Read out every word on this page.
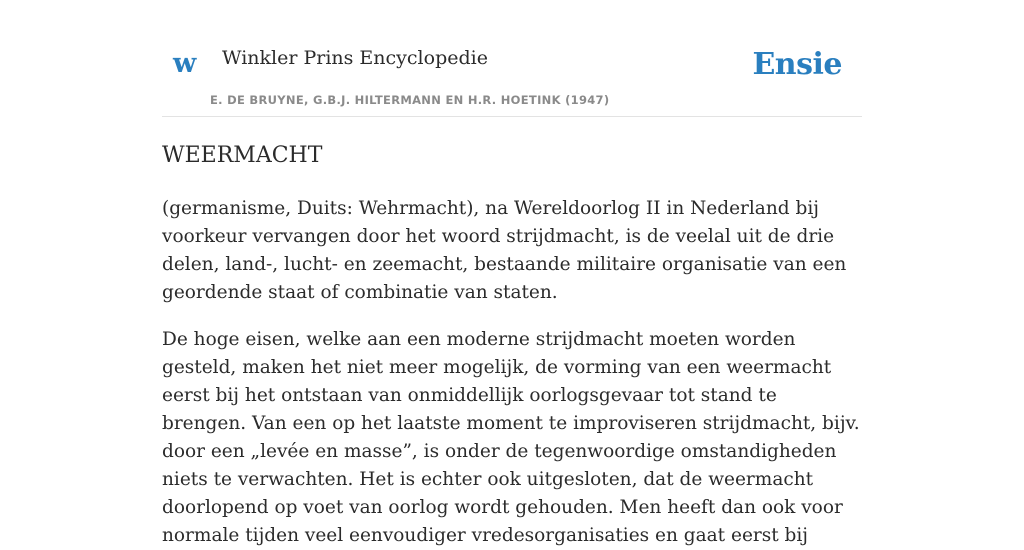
w Winkler Prins Encyclopedie
E. DE BRUYNE, G.B.J. HILTERMANN EN H.R. HOETINK (1947)
Ensie
WEERMACHT

(germanisme, Duits: Wehrmacht), na Wereldoorlog II in Nederland bij voorkeur vervangen door het woord strijdmacht, is de veelal uit de drie delen, land-, lucht- en zeemacht, bestaande militaire organisatie van een geordende staat of combinatie van staten.

De hoge eisen, welke aan een moderne strijdmacht moeten worden gesteld, maken het niet meer mogelijk, de vorming van een weermacht eerst bij het ontstaan van onmiddellijk oorlogsgevaar tot stand te brengen. Van een op het laatste moment te improviseren strijdmacht, bijv. door een „levée en masse”, is onder de tegenwoordige omstandigheden niets te verwachten. Het is echter ook uitgesloten, dat de weermacht doorlopend op voet van oorlog wordt gehouden. Men heeft dan ook voor normale tijden veel eenvoudiger vredesorganisaties en gaat eerst bij
